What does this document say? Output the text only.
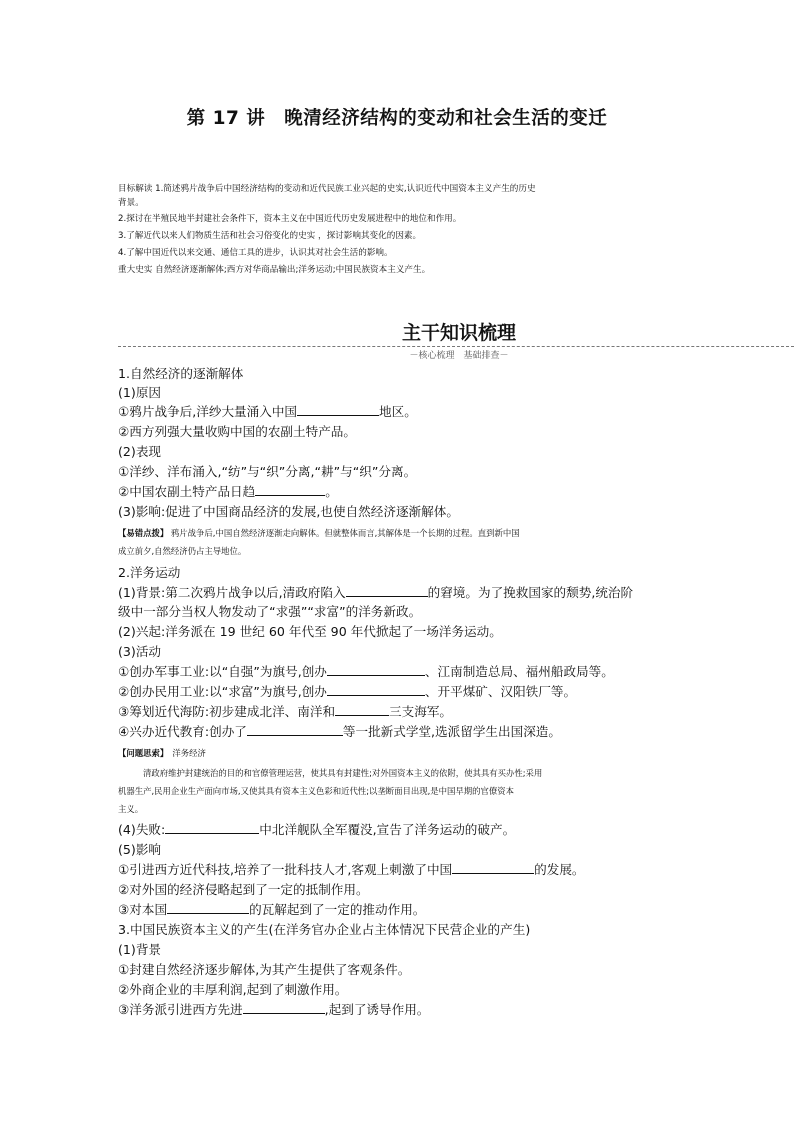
第 17 讲　晚清经济结构的变动和社会生活的变迁
目标解读 1.简述鸦片战争后中国经济结构的变动和近代民族工业兴起的史实,认识近代中国资本主义产生的历史
背景。
2.探讨在半殖民地半封建社会条件下，资本主义在中国近代历史发展进程中的地位和作用。
3.了解近代以来人们物质生活和社会习俗变化的史实 ，探讨影响其变化的因素。
4.了解中国近代以来交通、通信工具的进步，认识其对社会生活的影响。
重大史实 自然经济逐渐解体;西方对华商品输出;洋务运动;中国民族资本主义产生。
主干知识梳理
－核心梳理　基础排查－
1.自然经济的逐渐解体
(1)原因
①鸦片战争后,洋纱大量涌入中国	地区。
②西方列强大量收购中国的农副土特产品。
(2)表现
①洋纱、洋布涌入,“纺”与“织”分离,“耕”与“织”分离。
②中国农副土特产品日趋	。
(3)影响:促进了中国商品经济的发展,也使自然经济逐渐解体。
【易错点拨】 鸦片战争后,中国自然经济逐渐走向解体。但就整体而言,其解体是一个长期的过程。直到新中国
成立前夕,自然经济仍占主导地位。
2.洋务运动
(1)背景:第二次鸦片战争以后,清政府陷入	的窘境。为了挽救国家的颓势,统治阶
级中一部分当权人物发动了“求强”“求富”的洋务新政。
(2)兴起:洋务派在 19 世纪 60 年代至 90 年代掀起了一场洋务运动。
(3)活动
①创办军事工业:以“自强”为旗号,创办	、江南制造总局、福州船政局等。
②创办民用工业:以“求富”为旗号,创办	、开平煤矿、汉阳铁厂等。
③筹划近代海防:初步建成北洋、南洋和	三支海军。
④兴办近代教育:创办了	等一批新式学堂,选派留学生出国深造。
【问题思索】　洋务经济
清政府维护封建统治的目的和官僚管理运营，使其具有封建性;对外国资本主义的依附，使其具有买办性;采用
机器生产,民用企业生产面向市场,又使其具有资本主义色彩和近代性;以垄断面目出现,是中国早期的官僚资本
主义。
(4)失败:	中北洋舰队全军覆没,宣告了洋务运动的破产。
(5)影响
①引进西方近代科技,培养了一批科技人才,客观上刺激了中国	的发展。
②对外国的经济侵略起到了一定的抵制作用。
③对本国	的瓦解起到了一定的推动作用。
3.中国民族资本主义的产生(在洋务官办企业占主体情况下民营企业的产生)
(1)背景
①封建自然经济逐步解体,为其产生提供了客观条件。
②外商企业的丰厚利润,起到了刺激作用。
③洋务派引进西方先进	,起到了诱导作用。
